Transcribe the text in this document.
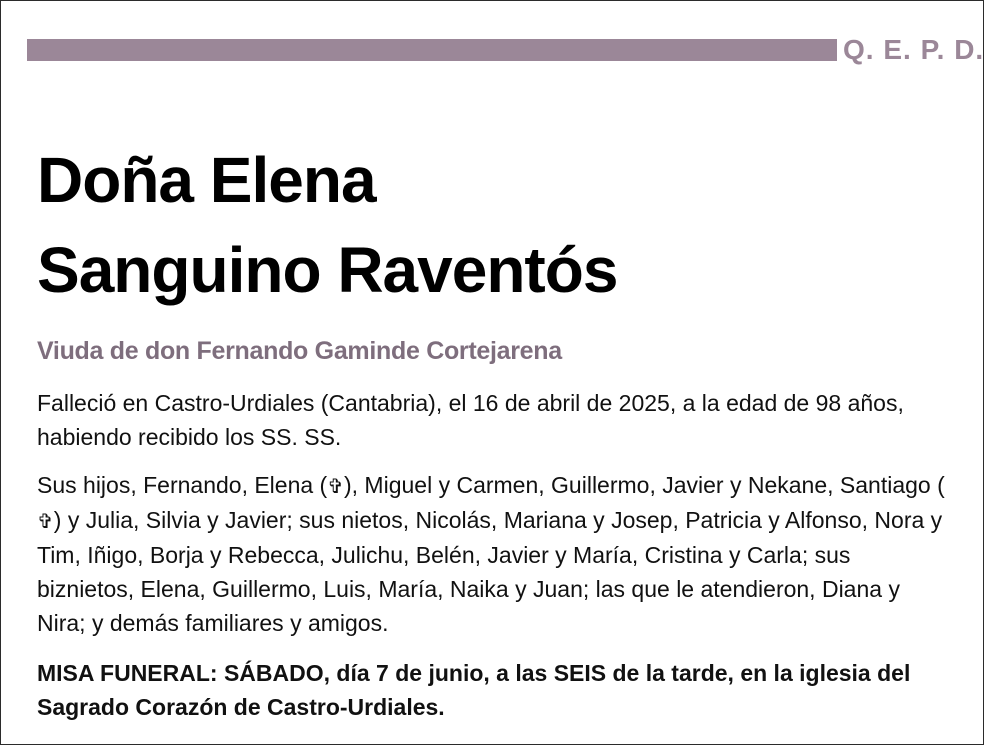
Q. E. P. D.
Doña Elena
Sanguino Raventós
Viuda de don Fernando Gaminde Cortejarena

Falleció en Castro-Urdiales (Cantabria), el 16 de abril de 2025, a la edad de 98 años, habiendo recibido los SS. SS.

Sus hijos, Fernando, Elena (✞), Miguel y Carmen, Guillermo, Javier y Nekane, Santiago (✞) y Julia, Silvia y Javier; sus nietos, Nicolás, Mariana y Josep, Patricia y Alfonso, Nora y Tim, Iñigo, Borja y Rebecca, Julichu, Belén, Javier y María, Cristina y Carla; sus biznietos, Elena, Guillermo, Luis, María, Naika y Juan; las que le atendieron, Diana y Nira; y demás familiares y amigos.

MISA FUNERAL: SÁBADO, día 7 de junio, a las SEIS de la tarde, en la iglesia del Sagrado Corazón de Castro-Urdiales.
